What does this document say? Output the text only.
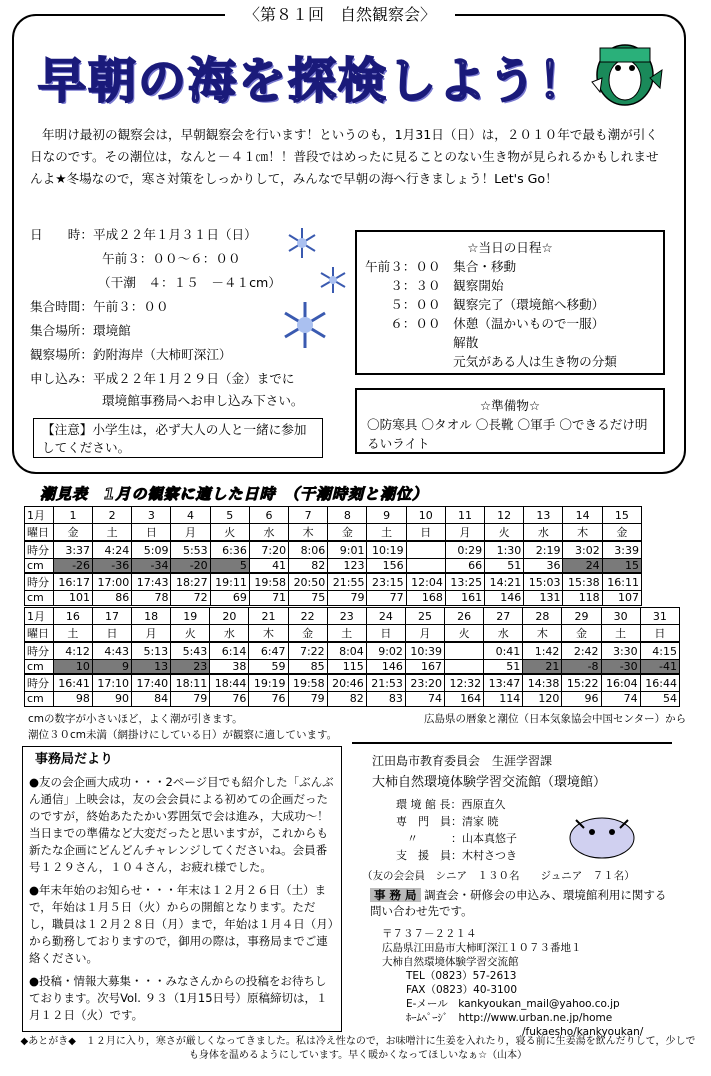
〈第８１回　自然観察会〉
早朝の海を探検しよう！

年明け最初の観察会は，早朝観察会を行います！というのも，1月31日（日）は，２０１０年で最も潮が引く日なのです。その潮位は，なんと－４１㎝！！普段ではめったに見ることのない生き物が見られるかもしれませんよ★冬場なので，寒さ対策をしっかりして，みんなで早朝の海へ行きましょう！Let's Go！

日　　時：平成２２年１月３１日（日）
午前３：００～６：００
（干潮　４：１５　－４１cm）
集合時間：午前３：００
集合場所：環境館
観察場所：釣附海岸（大柿町深江）
申し込み：平成２２年１月２９日（金）までに
環境館事務局へお申し込み下さい。
【注意】小学生は，必ず大人の人と一緒に参加してください。
☆当日の日程☆
午前３：００　集合・移動
　　３：３０　観察開始
　　５：００　観察完了（環境館へ移動）
　　６：００　休憩（温かいもので一服）
　　　　　　　解散
　　　　　　　元気がある人は生き物の分類
☆準備物☆
〇防寒具 〇タオル 〇長靴 〇軍手 〇できるだけ明るいライト
潮見表　1月の観察に適した日時　（干潮時刻と潮位）
1月	1	2	3	4	5	6	7	8	9	10	11	12	13	14	15
曜日	金	土	日	月	火	水	木	金	土	日	月	火	水	木	金
時分	3:37	4:24	5:09	5:53	6:36	7:20	8:06	9:01	10:19		0:29	1:30	2:19	3:02	3:39
cm	-26	-36	-34	-20	5	41	82	123	156		66	51	36	24	15
時分	16:17	17:00	17:43	18:27	19:11	19:58	20:50	21:55	23:15	12:04	13:25	14:21	15:03	15:38	16:11
cm	101	86	78	72	69	71	75	79	77	168	161	146	131	118	107
1月	16	17	18	19	20	21	22	23	24	25	26	27	28	29	30	31
曜日	土	日	月	火	水	木	金	土	日	月	火	水	木	金	土	日
時分	4:12	4:43	5:13	5:43	6:14	6:47	7:22	8:04	9:02	10:39		0:41	1:42	2:42	3:30	4:15
cm	10	9	13	23	38	59	85	115	146	167		51	21	-8	-30	-41
時分	16:41	17:10	17:40	18:11	18:44	19:19	19:58	20:46	21:53	23:20	12:32	13:47	14:38	15:22	16:04	16:44
cm	98	90	84	79	76	76	79	82	83	74	164	114	120	96	74	54
cmの数字が小さいほど，よく潮が引きます。	広島県の暦象と潮位（日本気象協会中国センター）から
潮位３０cm未満（網掛けにしている日）が観察に適しています。
事務局だより
●友の会企画大成功・・・2ページ目でも紹介した「ぶんぶん通信」上映会は，友の会会員による初めての企画だったのですが，終始あたたかい雰囲気で会は進み，大成功～！当日までの準備など大変だったと思いますが，これからも新たな企画にどんどんチャレンジしてくださいね。会員番号１２９さん，１０４さん，お疲れ様でした。
●年末年始のお知らせ・・・年末は１２月２６日（土）まで，年始は１月５日（火）からの開館となります。ただし，職員は１２月２８日（月）まで，年始は１月４日（月）から勤務しておりますので，御用の際は，事務局までご連絡ください。
●投稿・情報大募集・・・みなさんからの投稿をお待ちしております。次号Vol. ９３（1月15日号）原稿締切は，１月１２日（火）です。
江田島市教育委員会　生涯学習課
大柿自然環境体験学習交流館（環境館）
環 境 館 長：西原直久
専　門　員：清家 暁
　〃　　　：山本真悠子
支　援　員：木村さつき
（友の会会員　シニア　１３０名　　ジュニア　７１名）
事 務 局 調査会・研修会の申込み、環境館利用に関する問い合わせ先です。
〒７３７－２２１４
広島県江田島市大柿町深江１０７３番地１
大柿自然環境体験学習交流館
TEL（0823）57-2613
FAX（0823）40-3100
E-メール　kankyoukan_mail@yahoo.co.jp
ﾎｰﾑﾍﾟｰｼﾞ　http://www.urban.ne.jp/home
/fukaesho/kankyoukan/
◆あとがき◆　１２月に入り，寒さが厳しくなってきました。私は冷え性なので，お味噌汁に生姜を入れたり，寝る前に生姜湯を飲んだりして，少しでも身体を温めるようにしています。早く暖かくなってほしいなぁ☆（山本）
